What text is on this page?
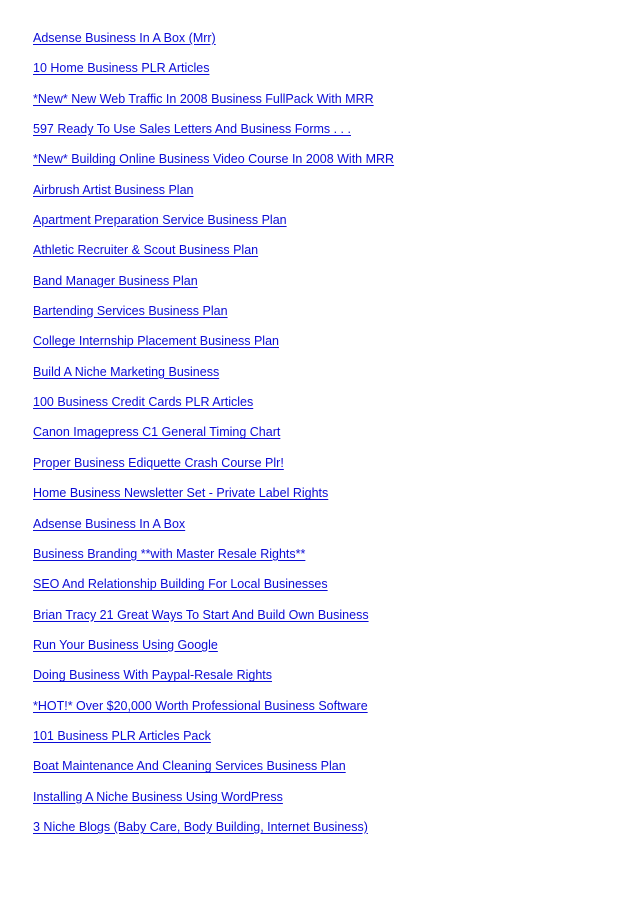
Adsense Business In A Box (Mrr)
10 Home Business PLR Articles
*New* New Web Traffic In 2008 Business FullPack With MRR
597 Ready To Use Sales Letters And Business Forms . . .
*New* Building Online Business Video Course In 2008 With MRR
Airbrush Artist Business Plan
Apartment Preparation Service Business Plan
Athletic Recruiter & Scout Business Plan
Band Manager Business Plan
Bartending Services Business Plan
College Internship Placement Business Plan
Build A Niche Marketing Business
100 Business Credit Cards PLR Articles
Canon Imagepress C1 General Timing Chart
Proper Business Ediquette Crash Course Plr!
Home Business Newsletter Set - Private Label Rights
Adsense Business In A Box
Business Branding **with Master Resale Rights**
SEO And Relationship Building For Local Businesses
Brian Tracy 21 Great Ways To Start And Build Own Business
Run Your Business Using Google
Doing Business With Paypal-Resale Rights
*HOT!* Over $20,000 Worth Professional Business Software
101 Business PLR Articles Pack
Boat Maintenance And Cleaning Services Business Plan
Installing A Niche Business Using WordPress
3 Niche Blogs (Baby Care, Body Building, Internet Business)
